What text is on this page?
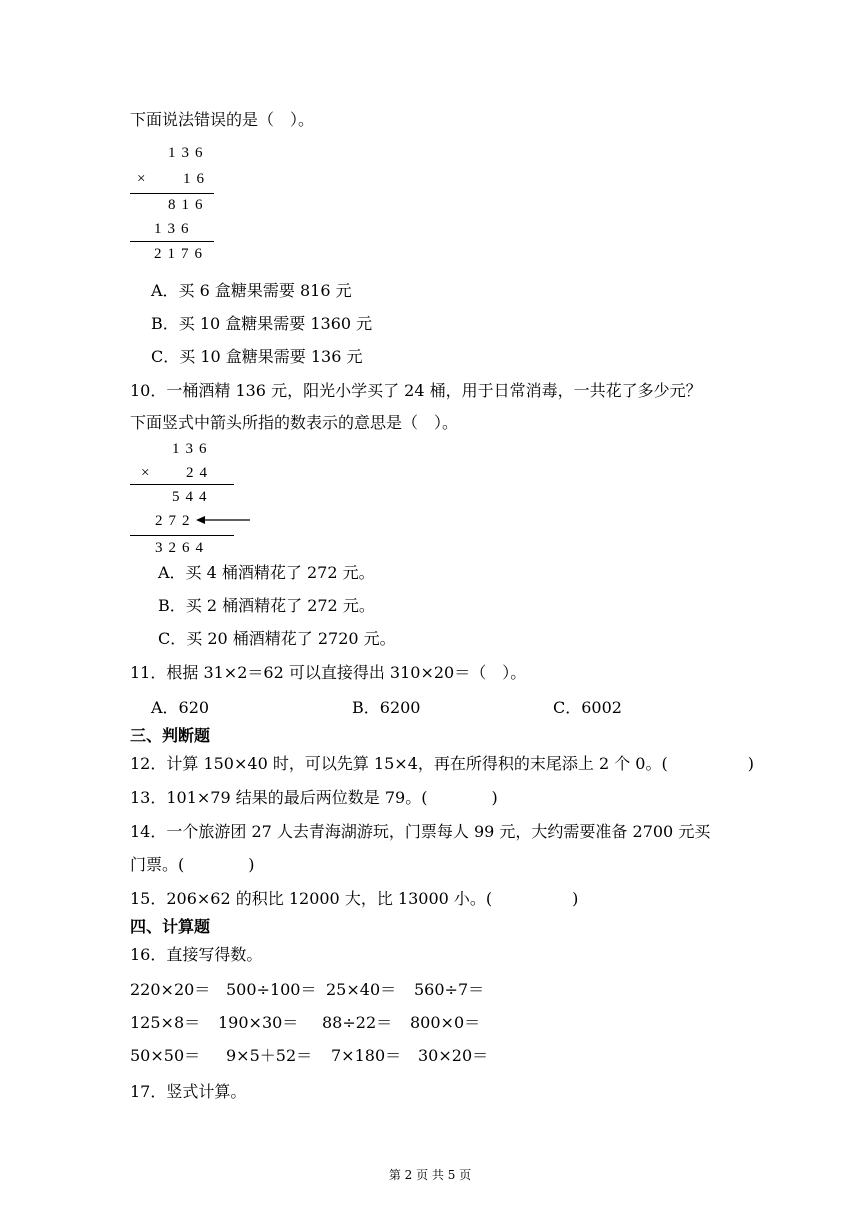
下面说法错误的是（　）。
136
×	16
816
136
2176
A．买 6 盒糖果需要 816 元
B．买 10 盒糖果需要 1360 元
C．买 10 盒糖果需要 136 元
10．一桶酒精 136 元，阳光小学买了 24 桶，用于日常消毒，一共花了多少元？
下面竖式中箭头所指的数表示的意思是（　）。
136
× 24
544
272
3264
A．买 4 桶酒精花了 272 元。
B．买 2 桶酒精花了 272 元。
C．买 20 桶酒精花了 2720 元。
11．根据 31×2＝62 可以直接得出 310×20＝（　）。
A．620	B．6200	C．6002
三、判断题
12．计算 150×40 时，可以先算 15×4，再在所得积的末尾添上 2 个 0。(　　　　　)
13．101×79 结果的最后两位数是 79。(　　　　)
14．一个旅游团 27 人去青海湖游玩，门票每人 99 元，大约需要准备 2700 元买
门票。(　　　　)
15．206×62 的积比 12000 大，比 13000 小。(　　　　　)
四、计算题
16．直接写得数。
220×20＝ 500÷100＝ 25×40＝ 560÷7＝
125×8＝ 190×30＝ 88÷22＝ 800×0＝
50×50＝ 9×5＋52＝ 7×180＝ 30×20＝
17．竖式计算。
第 2 页 共 5 页
